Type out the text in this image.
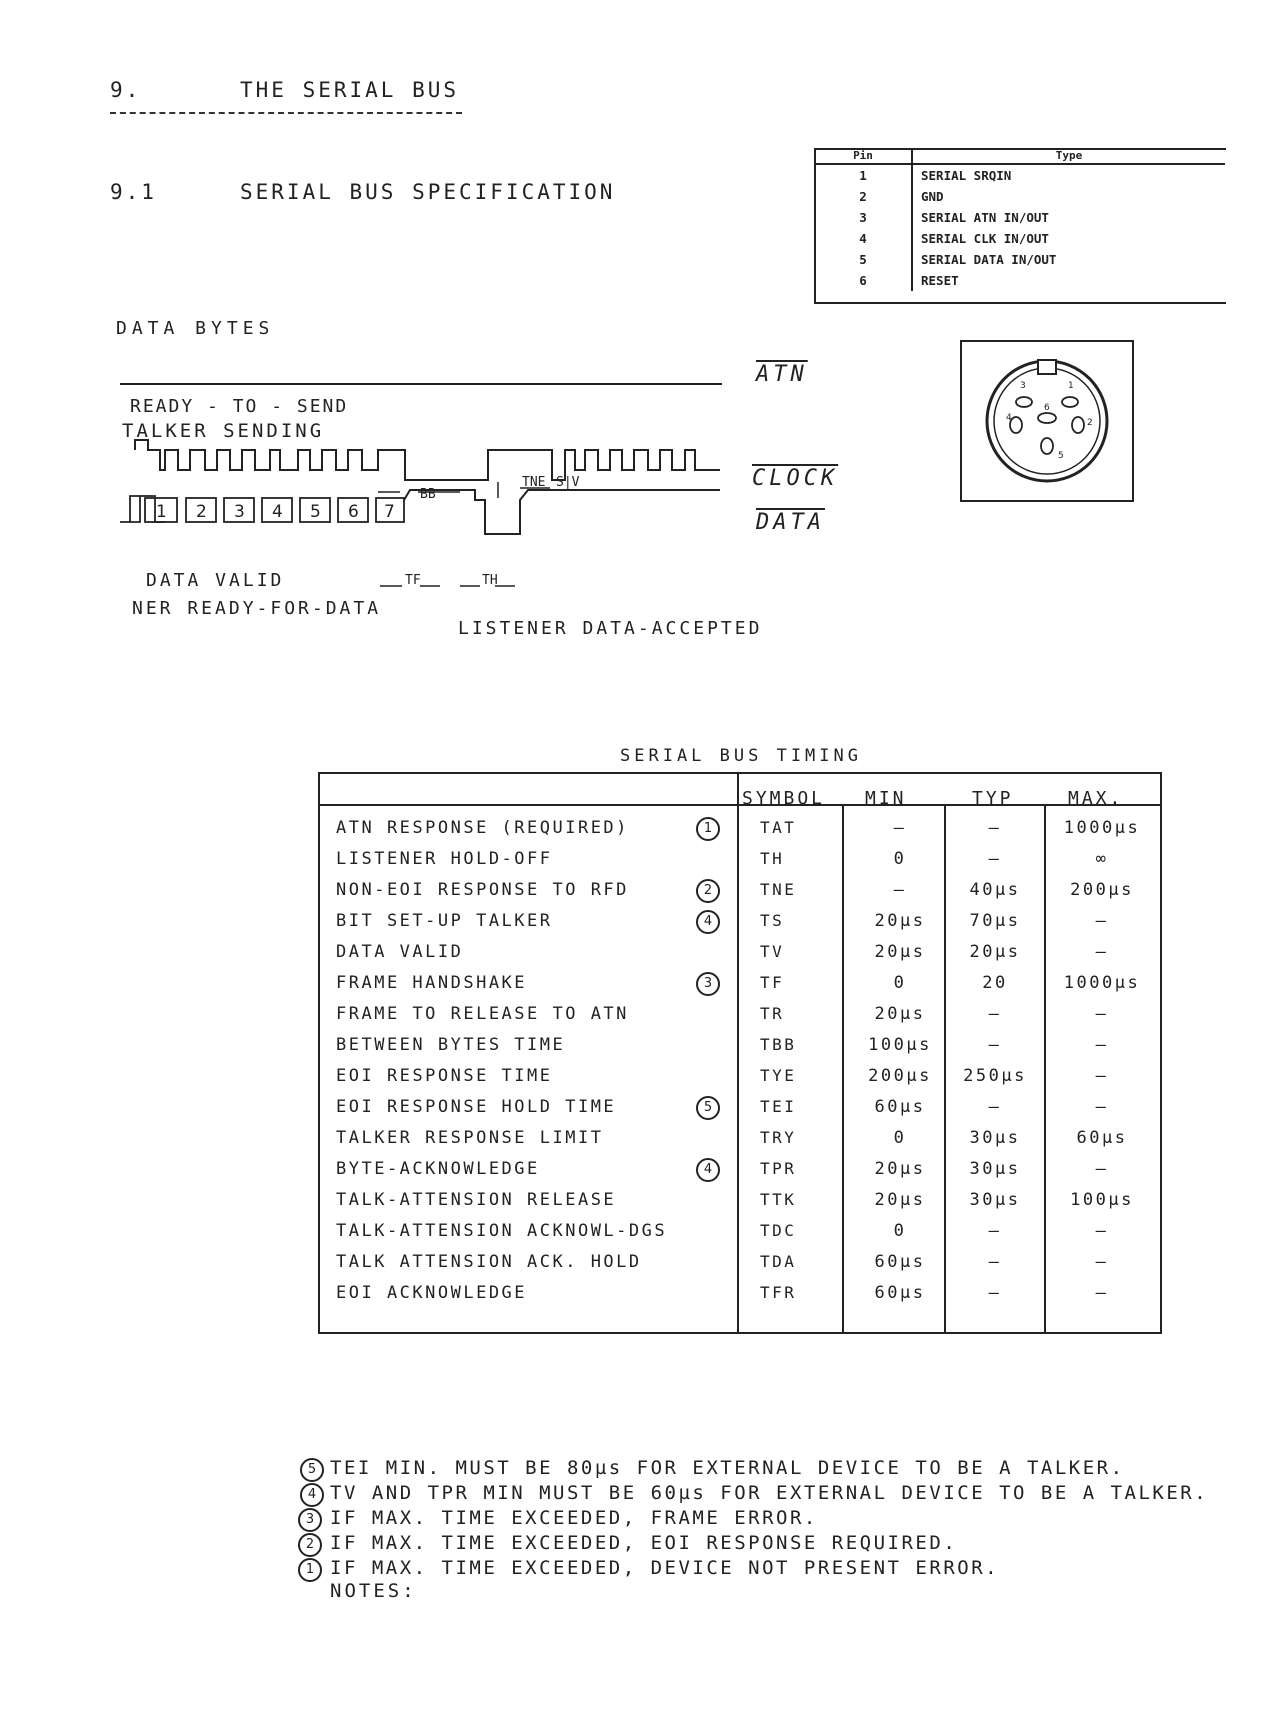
9.	THE SERIAL BUS
9.1	SERIAL BUS SPECIFICATION
Pin	Type
1	SERIAL SRQIN
2	GND
3	SERIAL ATN IN/OUT
4	SERIAL CLK IN/OUT
5	SERIAL DATA IN/OUT
6	RESET
3	1
6
4	2
5
DATA BYTES
READY - TO - SEND
TALKER SENDING
$\overline{ATN}$
CLOCK
DATA
DATA VALID
NER READY-FOR-DATA
LISTENER DATA-ACCEPTED
1 2 3 4 5 6 7
BB
TNE S|V
TF	TH
SERIAL BUS TIMING
SYMBOL MIN	TYP	MAX.
ATN RESPONSE (REQUIRED)	1	TAT	—	—	1000µs
LISTENER HOLD-OFF	TH	0	—	∞
NON-EOI RESPONSE TO RFD	2	TNE	—	40µs	200µs
BIT SET-UP TALKER	4	TS	20µs	70µs	—
DATA VALID	TV	20µs	20µs	—
FRAME HANDSHAKE	3	TF	0	20	1000µs
FRAME TO RELEASE TO ATN	TR	20µs	—	—
BETWEEN BYTES TIME	TBB	100µs	—	—
EOI RESPONSE TIME	TYE	200µs	250µs	—
EOI RESPONSE HOLD TIME	5	TEI	60µs	—	—
TALKER RESPONSE LIMIT	TRY	0	30µs	60µs
BYTE-ACKNOWLEDGE	4	TPR	20µs	30µs	—
TALK-ATTENSION RELEASE	TTK	20µs	30µs	100µs
TALK-ATTENSION ACKNOWL-DGS	TDC	0	—	—
TALK ATTENSION ACK. HOLD	TDA	60µs	—	—
EOI ACKNOWLEDGE	TFR	60µs	—	—
5 TEI MIN. MUST BE 80µs FOR EXTERNAL DEVICE TO BE A TALKER.
4 TV AND TPR MIN MUST BE 60µs FOR EXTERNAL DEVICE TO BE A TALKER.
3 IF MAX. TIME EXCEEDED, FRAME ERROR.
2 IF MAX. TIME EXCEEDED, EOI RESPONSE REQUIRED.
1 IF MAX. TIME EXCEEDED, DEVICE NOT PRESENT ERROR.
NOTES:
